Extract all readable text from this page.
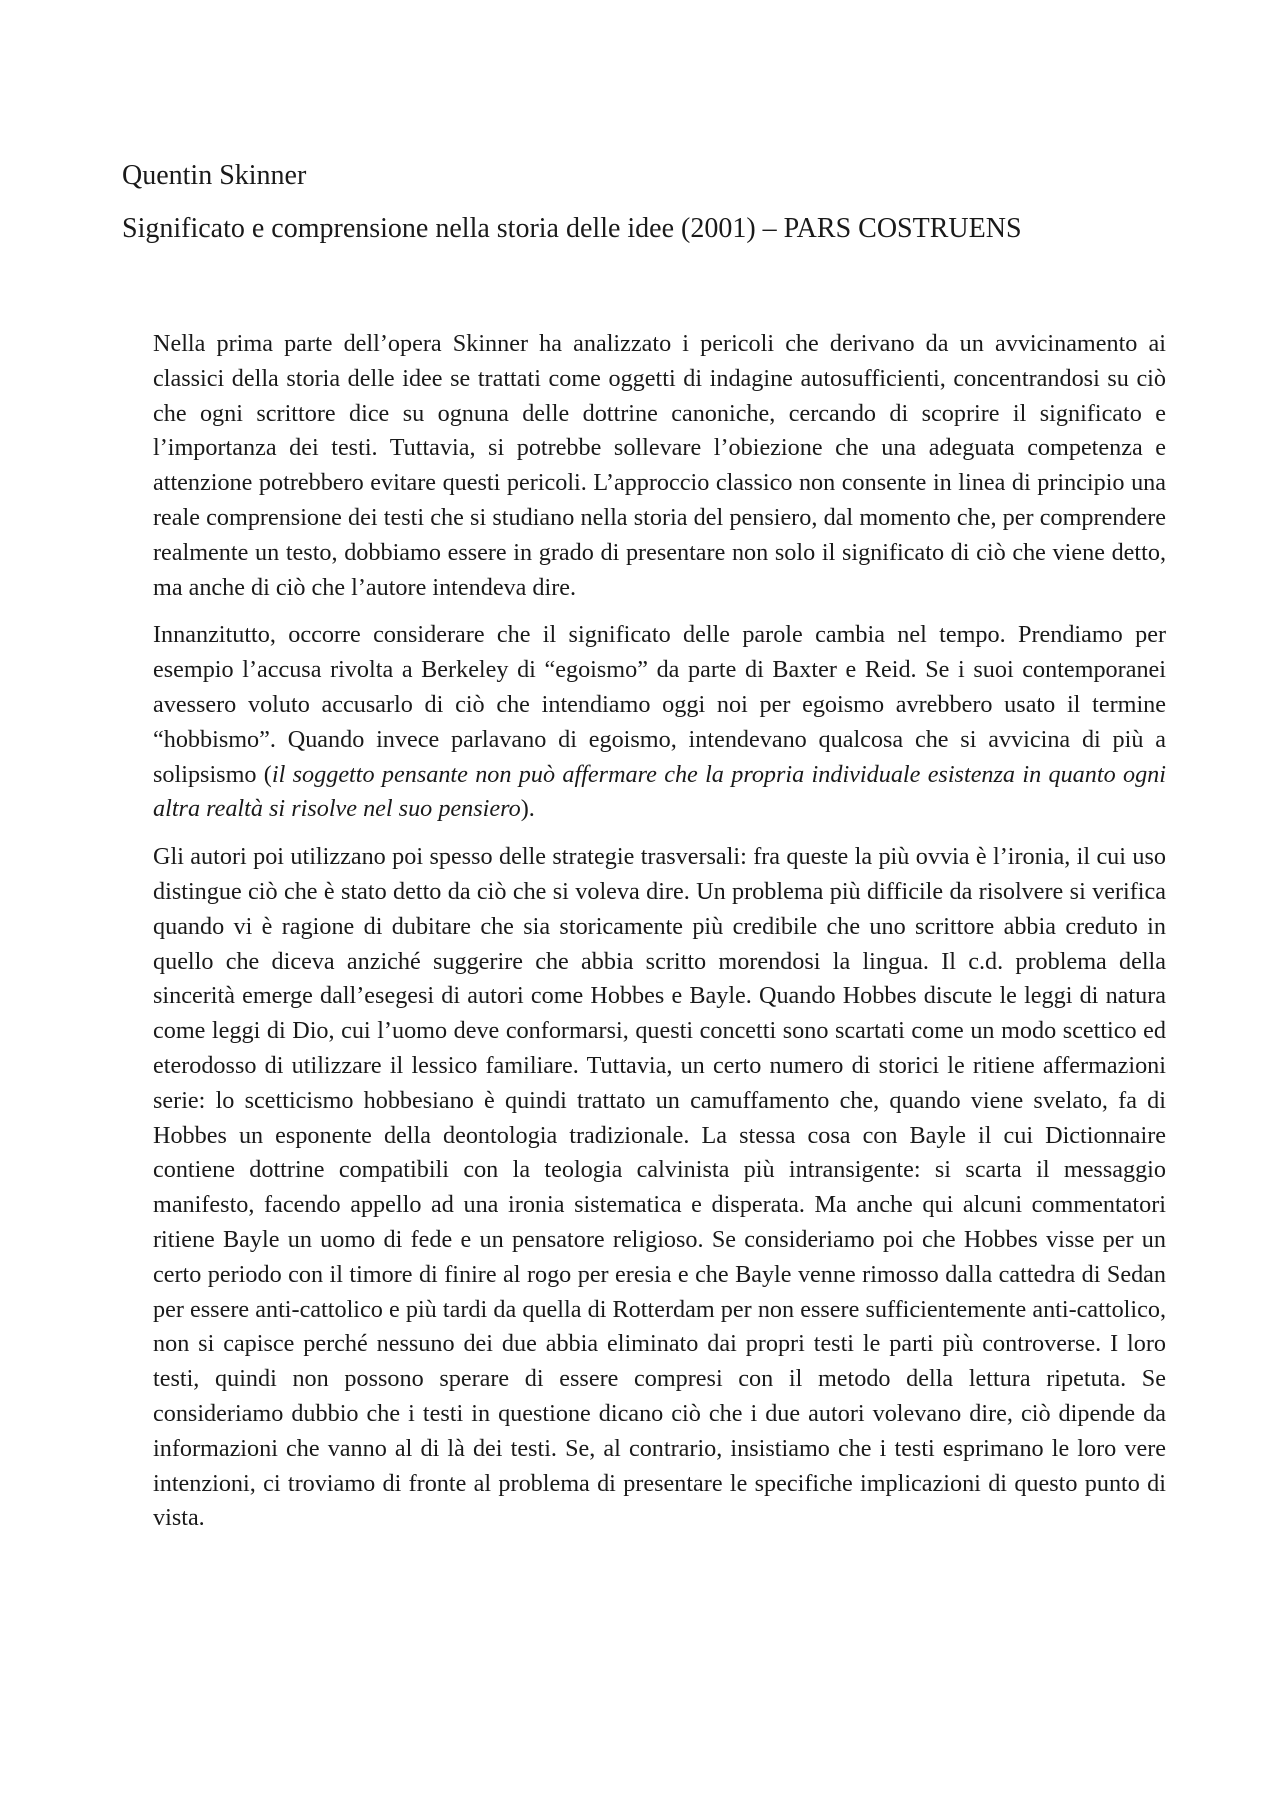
Quentin Skinner
Significato e comprensione nella storia delle idee (2001) – PARS COSTRUENS

Nella prima parte dell’opera Skinner ha analizzato i pericoli che derivano da un avvicinamento ai classici della storia delle idee se trattati come oggetti di indagine autosufficienti, concentrandosi su ciò che ogni scrittore dice su ognuna delle dottrine canoniche, cercando di scoprire il significato e l’importanza dei testi. Tuttavia, si potrebbe sollevare l’obiezione che una adeguata competenza e attenzione potrebbero evitare questi pericoli. L’approccio classico non consente in linea di principio una reale comprensione dei testi che si studiano nella storia del pensiero, dal momento che, per comprendere realmente un testo, dobbiamo essere in grado di presentare non solo il significato di ciò che viene detto, ma anche di ciò che l’autore intendeva dire.

Innanzitutto, occorre considerare che il significato delle parole cambia nel tempo. Prendiamo per esempio l’accusa rivolta a Berkeley di “egoismo” da parte di Baxter e Reid. Se i suoi contemporanei avessero voluto accusarlo di ciò che intendiamo oggi noi per egoismo avrebbero usato il termine “hobbismo”. Quando invece parlavano di egoismo, intendevano qualcosa che si avvicina di più a solipsismo (il soggetto pensante non può affermare che la propria individuale esistenza in quanto ogni altra realtà si risolve nel suo pensiero).

Gli autori poi utilizzano poi spesso delle strategie trasversali: fra queste la più ovvia è l’ironia, il cui uso distingue ciò che è stato detto da ciò che si voleva dire. Un problema più difficile da risolvere si verifica quando vi è ragione di dubitare che sia storicamente più credibile che uno scrittore abbia creduto in quello che diceva anziché suggerire che abbia scritto morendosi la lingua. Il c.d. problema della sincerità emerge dall’esegesi di autori come Hobbes e Bayle. Quando Hobbes discute le leggi di natura come leggi di Dio, cui l’uomo deve conformarsi, questi concetti sono scartati come un modo scettico ed eterodosso di utilizzare il lessico familiare. Tuttavia, un certo numero di storici le ritiene affermazioni serie: lo scetticismo hobbesiano è quindi trattato un camuffamento che, quando viene svelato, fa di Hobbes un esponente della deontologia tradizionale. La stessa cosa con Bayle il cui Dictionnaire contiene dottrine compatibili con la teologia calvinista più intransigente: si scarta il messaggio manifesto, facendo appello ad una ironia sistematica e disperata. Ma anche qui alcuni commentatori ritiene Bayle un uomo di fede e un pensatore religioso. Se consideriamo poi che Hobbes visse per un certo periodo con il timore di finire al rogo per eresia e che Bayle venne rimosso dalla cattedra di Sedan per essere anti-cattolico e più tardi da quella di Rotterdam per non essere sufficientemente anti-cattolico, non si capisce perché nessuno dei due abbia eliminato dai propri testi le parti più controverse. I loro testi, quindi non possono sperare di essere compresi con il metodo della lettura ripetuta. Se consideriamo dubbio che i testi in questione dicano ciò che i due autori volevano dire, ciò dipende da informazioni che vanno al di là dei testi. Se, al contrario, insistiamo che i testi esprimano le loro vere intenzioni, ci troviamo di fronte al problema di presentare le specifiche implicazioni di questo punto di vista.
